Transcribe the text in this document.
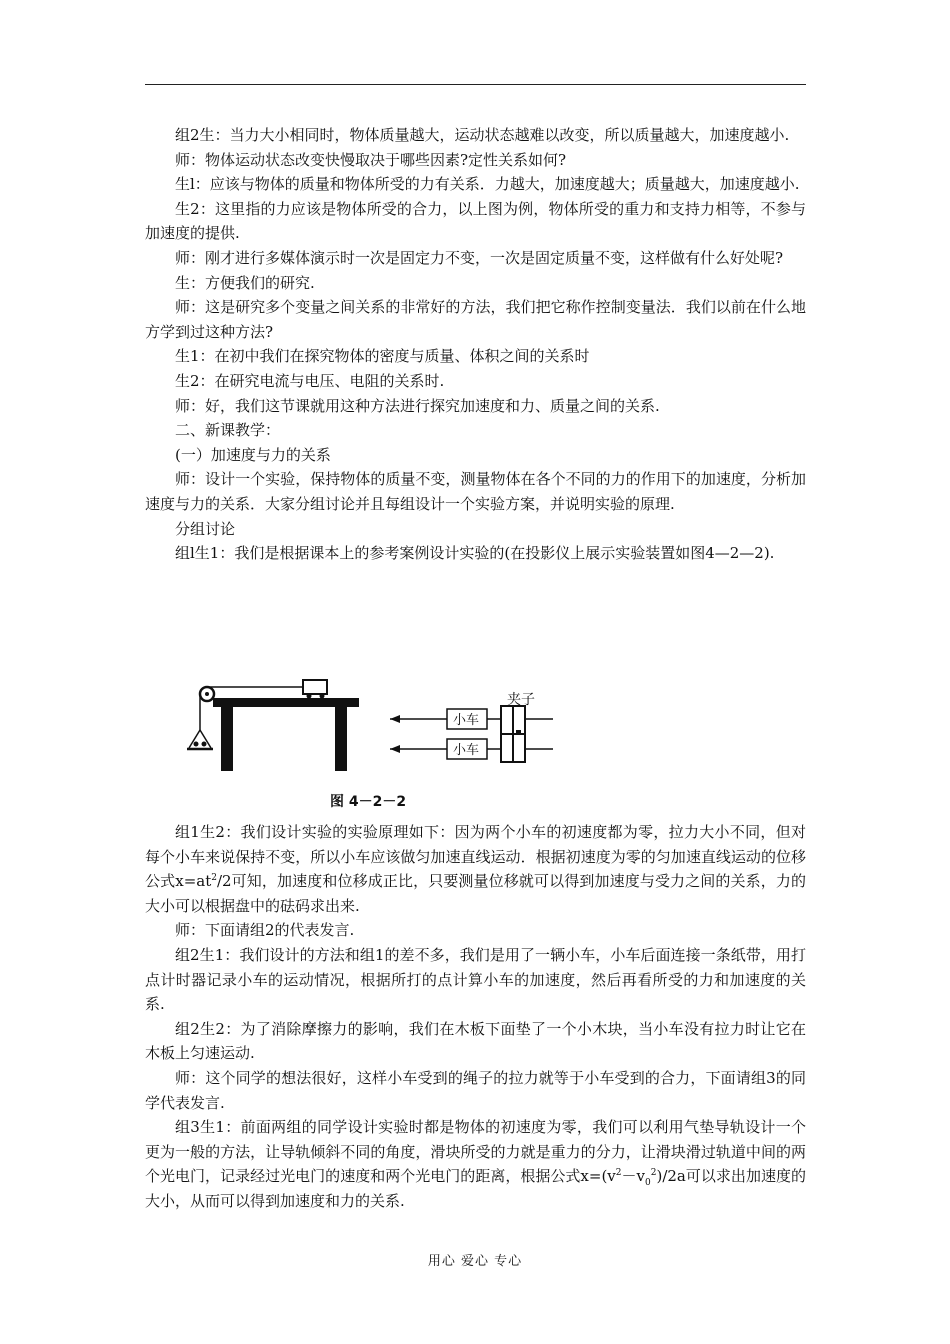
组2生：当力大小相同时，物体质量越大，运动状态越难以改变，所以质量越大，加速度越小.

师：物体运动状态改变快慢取决于哪些因素?定性关系如何?

生l：应该与物体的质量和物体所受的力有关系．力越大，加速度越大；质量越大，加速度越小.

生2：这里指的力应该是物体所受的合力，以上图为例，物体所受的重力和支持力相等，不参与加速度的提供.

师：刚才进行多媒体演示时一次是固定力不变，一次是固定质量不变，这样做有什么好处呢?

生：方便我们的研究.

师：这是研究多个变量之间关系的非常好的方法，我们把它称作控制变量法．我们以前在什么地方学到过这种方法?

生1：在初中我们在探究物体的密度与质量、体积之间的关系时

生2：在研究电流与电压、电阻的关系时.

师：好，我们这节课就用这种方法进行探究加速度和力、质量之间的关系.

二、新课教学：

(一）加速度与力的关系

师：设计一个实验，保持物体的质量不变，测量物体在各个不同的力的作用下的加速度，分析加速度与力的关系．大家分组讨论并且每组设计一个实验方案，并说明实验的原理.

分组讨论

组l生1：我们是根据课本上的参考案例设计实验的(在投影仪上展示实验装置如图4—2—2).

夹子
小车
小车
图 4－2－2

组1生2：我们设计实验的实验原理如下：因为两个小车的初速度都为零，拉力大小不同，但对每个小车来说保持不变，所以小车应该做匀加速直线运动．根据初速度为零的匀加速直线运动的位移公式$x=at^2/2$可知，加速度和位移成正比，只要测量位移就可以得到加速度与受力之间的关系，力的大小可以根据盘中的砝码求出来.

师：下面请组2的代表发言.

组2生1：我们设计的方法和组1的差不多，我们是用了一辆小车，小车后面连接一条纸带，用打点计时器记录小车的运动情况，根据所打的点计算小车的加速度，然后再看所受的力和加速度的关系.

组2生2：为了消除摩擦力的影响，我们在木板下面垫了一个小木块，当小车没有拉力时让它在木板上匀速运动.

师：这个同学的想法很好，这样小车受到的绳子的拉力就等于小车受到的合力，下面请组3的同学代表发言.

组3生1：前面两组的同学设计实验时都是物体的初速度为零，我们可以利用气垫导轨设计一个更为一般的方法，让导轨倾斜不同的角度，滑块所受的力就是重力的分力，让滑块滑过轨道中间的两个光电门，记录经过光电门的速度和两个光电门的距离，根据公式$x=(v^2-v_0^2)/2a$可以求出加速度的大小，从而可以得到加速度和力的关系.

用心 爱心 专心
